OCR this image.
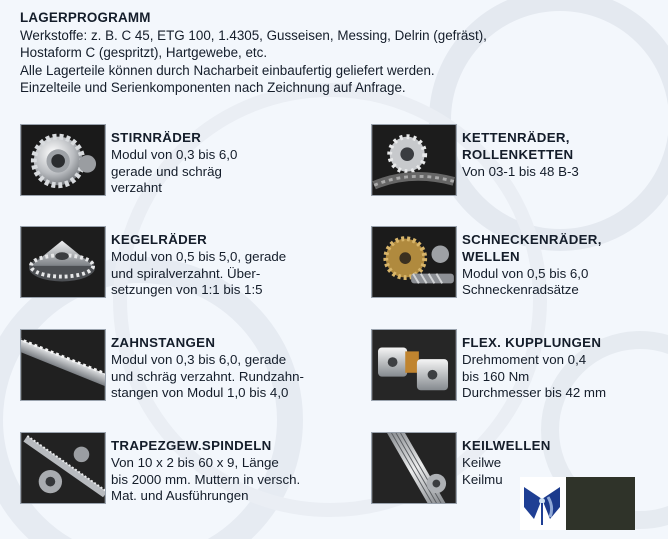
LAGERPROGRAMM
Werkstoffe: z. B. C 45, ETG 100, 1.4305, Gusseisen, Messing, Delrin (gefräst),
Hostaform C (gespritzt), Hartgewebe, etc.
Alle Lagerteile können durch Nacharbeit einbaufertig geliefert werden.
Einzelteile und Serienkomponenten nach Zeichnung auf Anfrage.
STIRNRÄDER
Modul von 0,3 bis 6,0
gerade und schräg
verzahnt
KETTENRÄDER,
ROLLENKETTEN
Von 03-1 bis 48 B-3
KEGELRÄDER
Modul von 0,5 bis 5,0, gerade
und spiralverzahnt. Über-
setzungen von 1:1 bis 1:5
SCHNECKENRÄDER,
WELLEN
Modul von 0,5 bis 6,0
Schneckenradsätze
ZAHNSTANGEN
Modul von 0,3 bis 6,0, gerade
und schräg verzahnt. Rundzahn-
stangen von Modul 1,0 bis 4,0
FLEX. KUPPLUNGEN
Drehmoment von 0,4
bis 160 Nm
Durchmesser bis 42 mm
TRAPEZGEW.SPINDELN
Von 10 x 2 bis 60 x 9, Länge
bis 2000 mm. Muttern in versch.
Mat. und Ausführungen
KEILWELLEN
Keilwe
Keilmu
